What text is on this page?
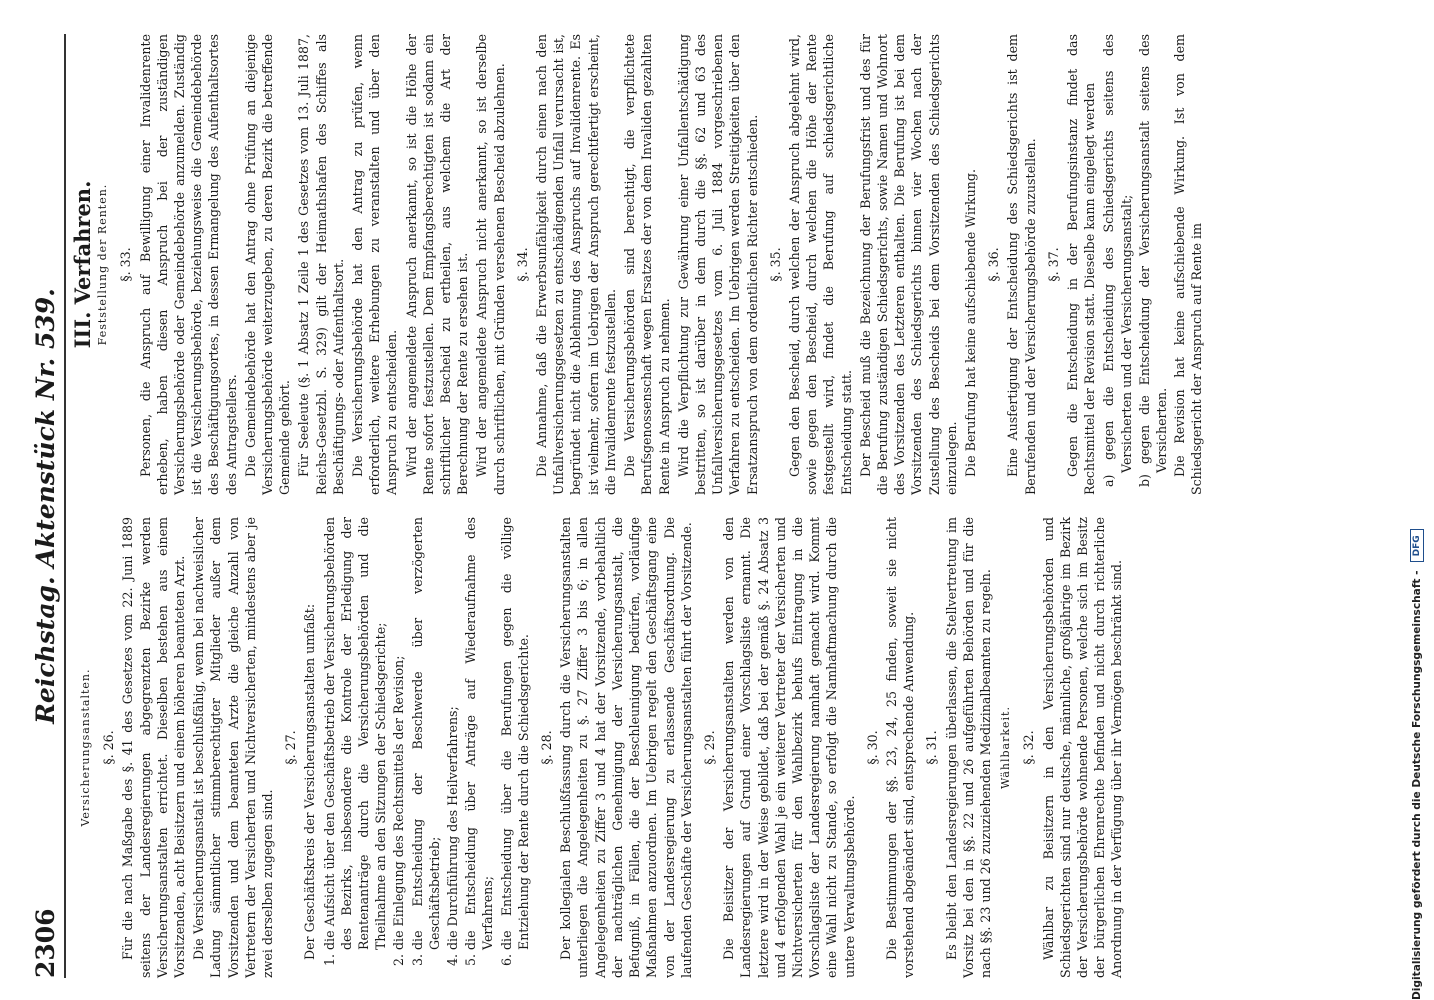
2306
Reichstag. Aktenstück Nr. 539.
Versicherungsanstalten. §. 26. Für die nach Maßgabe des §. 41 des Gesetzes vom 22. Juni 1889 seitens der Landesregierungen abgegrenzten Bezirke werden Versicherungsanstalten errichtet. Dieselben bestehen aus einem Vorsitzenden, acht Beisitzern und einem höheren beamteten Arzt. Die Versicherungsanstalt ist beschlußfähig, wenn bei nachweislicher Ladung sämmtlicher stimmberechtigter Mitglieder außer dem Vorsitzenden und dem beamteten Arzte die gleiche Anzahl von Vertretern der Versicherten und Nichtversicherten, mindestens aber je zwei derselben zugegen sind.

§. 27. Der Geschäftskreis der Versicherungsanstalten umfaßt: 1. die Aufsicht über den Geschäftsbetrieb der Versicherungsbehörden des Bezirks, insbesondere die Kontrole der Erledigung der Rentenanträge durch die Versicherungsbehörden und die Theilnahme an den Sitzungen der Schiedsgerichte; 2. die Einlegung des Rechtsmittels der Revision; 3. die Entscheidung der Beschwerde über verzögerten Geschäftsbetrieb; 4. die Durchführung des Heilverfahrens; 5. die Entscheidung über Anträge auf Wiederaufnahme des Verfahrens; 6. die Entscheidung über die Berufungen gegen die völlige Entziehung der Rente durch die Schiedsgerichte. §. 28. Der kollegialen Beschlußfassung durch die Versicherungsanstalten unterliegen die Angelegenheiten zu §. 27 Ziffer 3 bis 6; in allen Angelegenheiten zu Ziffer 3 und 4 hat der Vorsitzende, vorbehaltlich der nachträglichen Genehmigung der Versicherungsanstalt, die Befugniß, in Fällen, die der Beschleunigung bedürfen, vorläufige Maßnahmen anzuordnen. Im Uebrigen regelt den Geschäftsgang eine von der Landesregierung zu erlassende Geschäftsordnung. Die laufenden Geschäfte der Versicherungsanstalten führt der Vorsitzende. §. 29. Die Beisitzer der Versicherungsanstalten werden von den Landesregierungen auf Grund einer Vorschlagsliste ernannt. Die letztere wird in der Weise gebildet, daß bei der gemäß §. 24 Absatz 3 und 4 erfolgenden Wahl je ein weiterer Vertreter der Versicherten und Nichtversicherten für den Wahlbezirk behufs Eintragung in die Vorschlagsliste der Landesregierung namhaft gemacht wird. Kommt eine Wahl nicht zu Stande, so erfolgt die Namhaftmachung durch die untere Verwaltungsbehörde.

§. 30. Die Bestimmungen der §§. 23, 24, 25 finden, soweit sie nicht vorstehend abgeändert sind, entsprechende Anwendung. §. 31. Es bleibt den Landesregierungen überlassen, die Stellvertretung im Vorsitz bei den in §§. 22 und 26 aufgeführten Behörden und für die nach §§. 23 und 26 zuzuziehenden Medizinalbeamten zu regeln. Wählbarkeit. §. 32. Wählbar zu Beisitzern in den Versicherungsbehörden und Schiedsgerichten sind nur deutsche, männliche, großjährige im Bezirk der Versicherungsbehörde wohnende Personen, welche sich im Besitz der bürgerlichen Ehrenrechte befinden und nicht durch richterliche Anordnung in der Verfügung über ihr Vermögen beschränkt sind.

III. Verfahren. Feststellung der Renten. §. 33. Personen, die Anspruch auf Bewilligung einer Invalidenrente erheben, haben diesen Anspruch bei der zuständigen Versicherungsbehörde oder Gemeindebehörde anzumelden. Zuständig ist die Versicherungsbehörde, beziehungsweise die Gemeindebehörde des Beschäftigungsortes, in dessen Ermangelung des Aufenthaltsortes des Antragstellers. Die Gemeindebehörde hat den Antrag ohne Prüfung an diejenige Versicherungsbehörde weiterzugeben, zu deren Bezirk die betreffende Gemeinde gehört. Für Seeleute (§. 1 Absatz 1 Zeile 1 des Gesetzes vom 13. Juli 1887, Reichs-Gesetzbl. S. 329) gilt der Heimathshafen des Schiffes als Beschäftigungs- oder Aufenthaltsort. Die Versicherungsbehörde hat den Antrag zu prüfen, wenn erforderlich, weitere Erhebungen zu veranstalten und über den Anspruch zu entscheiden. Wird der angemeldete Anspruch anerkannt, so ist die Höhe der Rente sofort festzustellen. Dem Empfangsberechtigten ist sodann ein schriftlicher Bescheid zu ertheilen, aus welchem die Art der Berechnung der Rente zu ersehen ist. Wird der angemeldete Anspruch nicht anerkannt, so ist derselbe durch schriftlichen, mit Gründen versehenen Bescheid abzulehnen. §. 34. Die Annahme, daß die Erwerbsunfähigkeit durch einen nach den Unfallversicherungsgesetzen zu entschädigenden Unfall verursacht ist, begründet nicht die Ablehnung des Anspruchs auf Invalidenrente. Es ist vielmehr, sofern im Uebrigen der Anspruch gerechtfertigt erscheint, die Invalidenrente festzustellen. Die Versicherungsbehörden sind berechtigt, die verpflichtete Berufsgenossenschaft wegen Ersatzes der von dem Invaliden gezahlten Rente in Anspruch zu nehmen. Wird die Verpflichtung zur Gewährung einer Unfallentschädigung bestritten, so ist darüber in dem durch die §§. 62 und 63 des Unfallversicherungsgesetzes vom 6. Juli 1884 vorgeschriebenen Verfahren zu entscheiden. Im Uebrigen werden Streitigkeiten über den Ersatzanspruch von dem ordentlichen Richter entschieden. §. 35. Gegen den Bescheid, durch welchen der Anspruch abgelehnt wird, sowie gegen den Bescheid, durch welchen die Höhe der Rente festgestellt wird, findet die Berufung auf schiedsgerichtliche Entscheidung statt. Der Bescheid muß die Bezeichnung der Berufungsfrist und des für die Berufung zuständigen Schiedsgerichts, sowie Namen und Wohnort des Vorsitzenden des Letzteren enthalten. Die Berufung ist bei dem Vorsitzenden des Schiedsgerichts binnen vier Wochen nach der Zustellung des Bescheids bei dem Vorsitzenden des Schiedsgerichts einzulegen. Die Berufung hat keine aufschiebende Wirkung. §. 36. Eine Ausfertigung der Entscheidung des Schiedsgerichts ist dem Berufenden und der Versicherungsbehörde zuzustellen. §. 37. Gegen die Entscheidung in der Berufungsinstanz findet das Rechtsmittel der Revision statt. Dieselbe kann eingelegt werden a) gegen die Entscheidung des Schiedsgerichts seitens des Versicherten und der Versicherungsanstalt; b) gegen die Entscheidung der Versicherungsanstalt seitens des Versicherten. Die Revision hat keine aufschiebende Wirkung. Ist von dem Schiedsgericht der Anspruch auf Rente im

Digitalisierung gefördert durch die Deutsche Forschungsgemeinschaft -
DFG
